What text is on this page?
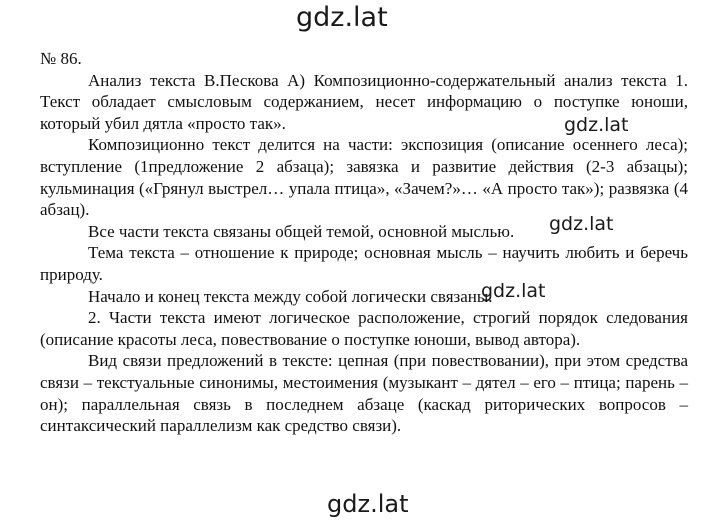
gdz.lat

№ 86.

Анализ текста В.Пескова А) Композиционно-содержательный анализ текста 1. Текст обладает смысловым содержанием, несет информацию о поступке юноши, который убил дятла «просто так».

Композиционно текст делится на части: экспозиция (описание осеннего леса); вступление (1предложение 2 абзаца); завязка и развитие действия (2-3 абзацы); кульминация («Грянул выстрел… упала птица», «Зачем?»… «А просто так»); развязка (4 абзац).

Все части текста связаны общей темой, основной мыслью.

Тема текста – отношение к природе; основная мысль – научить любить и беречь природу.

Начало и конец текста между собой логически связаны.

2. Части текста имеют логическое расположение, строгий порядок следования (описание красоты леса, повествование о поступке юноши, вывод автора).

Вид связи предложений в тексте: цепная (при повествовании), при этом средства связи – текстуальные синонимы, местоимения (музыкант – дятел – его – птица; парень – он); параллельная связь в последнем абзаце (каскад риторических вопросов – синтаксический параллелизм как средство связи).

gdz.lat
gdz.lat
gdz.lat
gdz.lat
